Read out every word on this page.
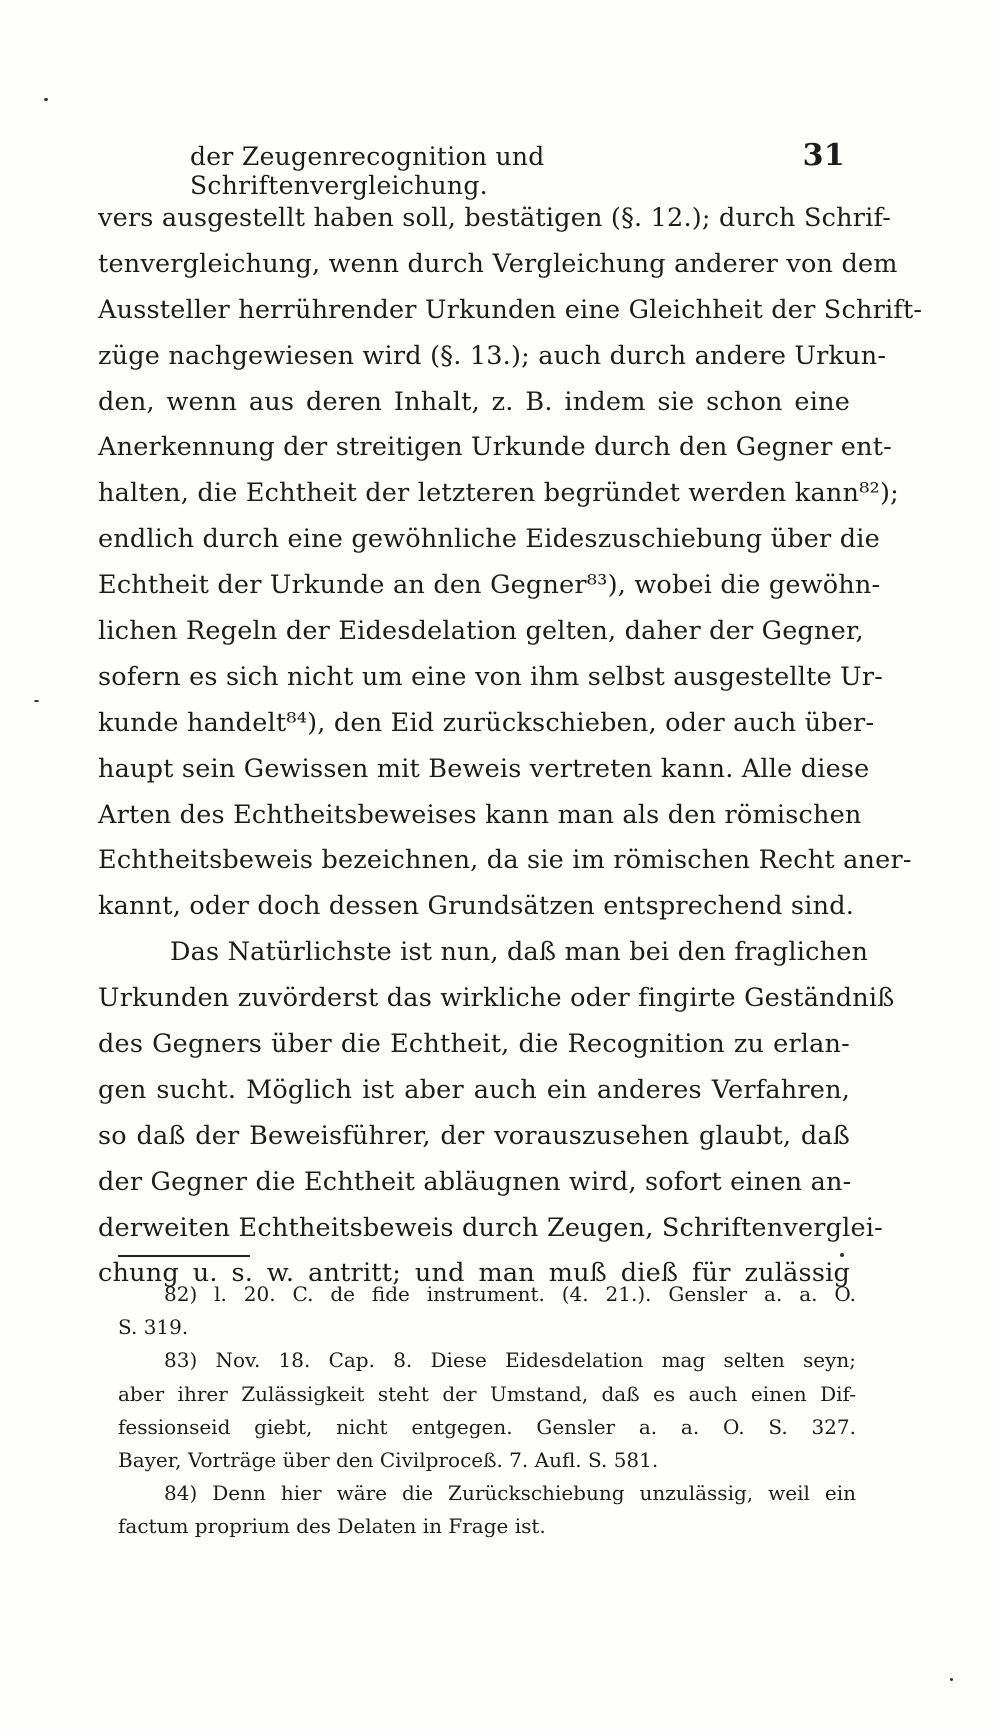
der Zeugenrecognition und Schriftenvergleichung.
31
vers ausgestellt haben soll, bestätigen (§. 12.); durch Schrif-
tenvergleichung, wenn durch Vergleichung anderer von dem
Aussteller herrührender Urkunden eine Gleichheit der Schrift-
züge nachgewiesen wird (§. 13.); auch durch andere Urkun-
den, wenn aus deren Inhalt, z. B. indem sie schon eine
Anerkennung der streitigen Urkunde durch den Gegner ent-
halten, die Echtheit der letzteren begründet werden kann⁸²);
endlich durch eine gewöhnliche Eideszuschiebung über die
Echtheit der Urkunde an den Gegner⁸³), wobei die gewöhn-
lichen Regeln der Eidesdelation gelten, daher der Gegner,
sofern es sich nicht um eine von ihm selbst ausgestellte Ur-
kunde handelt⁸⁴), den Eid zurückschieben, oder auch über-
haupt sein Gewissen mit Beweis vertreten kann. Alle diese
Arten des Echtheitsbeweises kann man als den römischen
Echtheitsbeweis bezeichnen, da sie im römischen Recht aner-
kannt, oder doch dessen Grundsätzen entsprechend sind.
Das Natürlichste ist nun, daß man bei den fraglichen
Urkunden zuvörderst das wirkliche oder fingirte Geständniß
des Gegners über die Echtheit, die Recognition zu erlan-
gen sucht. Möglich ist aber auch ein anderes Verfahren,
so daß der Beweisführer, der vorauszusehen glaubt, daß
der Gegner die Echtheit abläugnen wird, sofort einen an-
derweiten Echtheitsbeweis durch Zeugen, Schriftenverglei-
chung u. s. w. antritt; und man muß dieß für zulässig
82) l. 20. C. de fide instrument. (4. 21.). Gensler a. a. O.
S. 319.
83) Nov. 18. Cap. 8. Diese Eidesdelation mag selten seyn;
aber ihrer Zulässigkeit steht der Umstand, daß es auch einen Dif-
fessionseid giebt, nicht entgegen. Gensler a. a. O. S. 327.
Bayer, Vorträge über den Civilproceß. 7. Aufl. S. 581.
84) Denn hier wäre die Zurückschiebung unzulässig, weil ein
factum proprium des Delaten in Frage ist.
